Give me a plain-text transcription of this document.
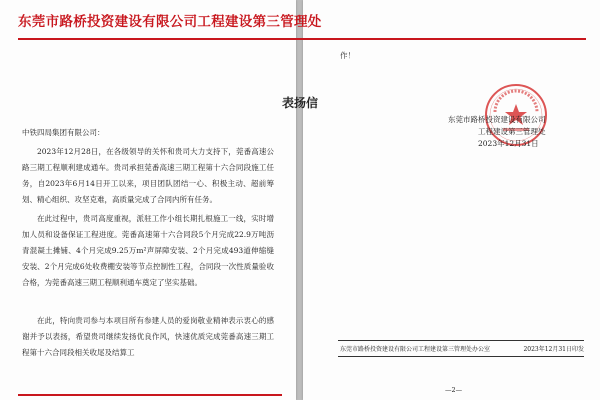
东莞市路桥投资建设有限公司工程建设第三管理处
表扬信
中铁四局集团有限公司：

2023年12月28日，在各级领导的关怀和贵司大力支持下，莞番高速公路三期工程顺利建成通车。贵司承担莞番高速三期工程第十六合同段施工任务，自2023年6月14日开工以来，项目团队团结一心、积极主动、超前筹划、精心组织、攻坚克难，高质量完成了合同内所有任务。

在此过程中，贵司高度重视，派驻工作小组长期扎根施工一线，实时增加人员和设备保证工程进度。莞番高速第十六合同段5个月完成22.9万吨沥青混凝土摊铺、4个月完成9.25万m²声屏障安装、2个月完成493道伸缩缝安装、2个月完成6处收费棚安装等节点控制性工程，合同段一次性质量验收合格，为莞番高速三期工程顺利通车奠定了坚实基础。

在此，特向贵司参与本项目所有参建人员的爱岗敬业精神表示衷心的感谢并予以表扬，希望贵司继续发扬优良作风，快速优质完成莞番高速三期工程第十六合同段相关收尾及结算工

作！
东莞市路桥投资建设有限公司
工程建设第三管理处
2023年12月31日
东莞市路桥投资建设有限公司工程建设第三管理处办公室	2023年12月31日印发
—2—
